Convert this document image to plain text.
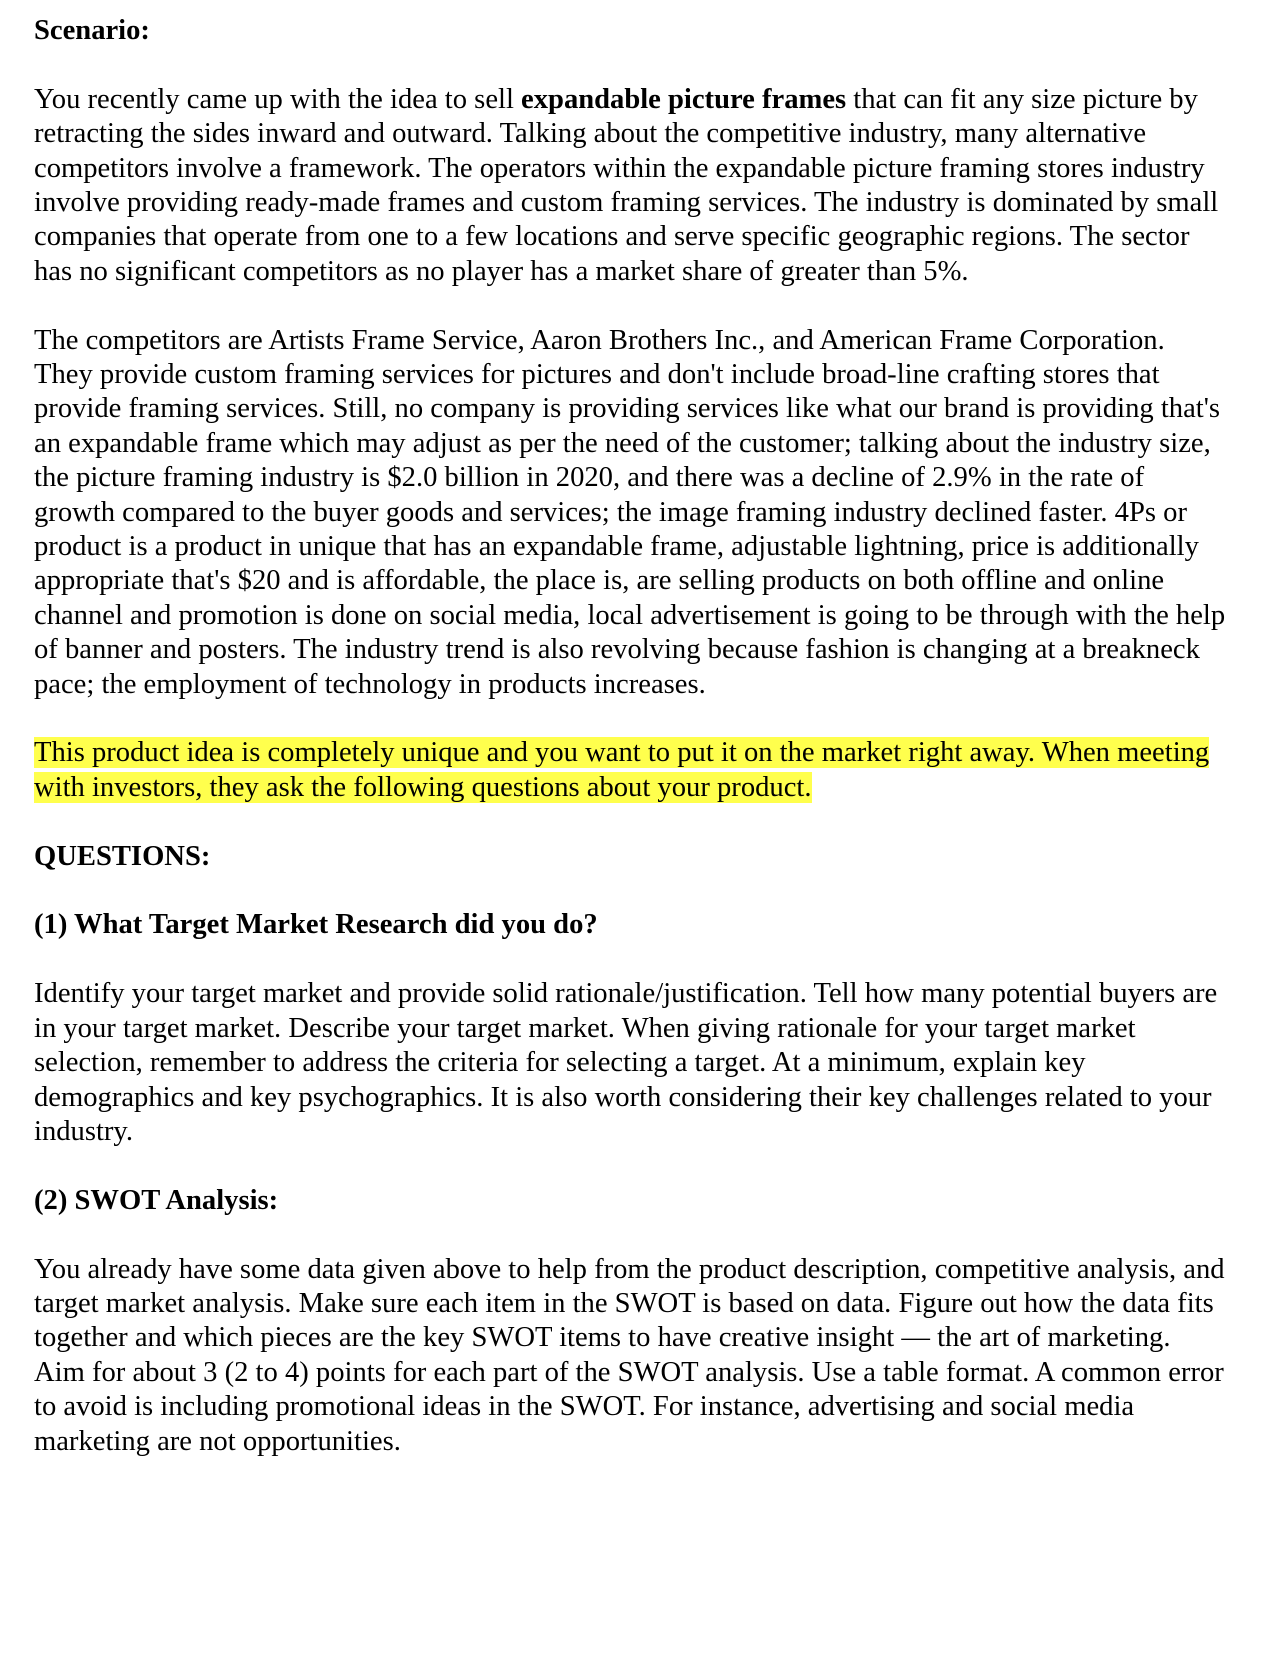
Scenario:

You recently came up with the idea to sell expandable picture frames that can fit any size picture by retracting the sides inward and outward. Talking about the competitive industry, many alternative competitors involve a framework. The operators within the expandable picture framing stores industry involve providing ready-made frames and custom framing services. The industry is dominated by small companies that operate from one to a few locations and serve specific geographic regions. The sector has no significant competitors as no player has a market share of greater than 5%.

The competitors are Artists Frame Service, Aaron Brothers Inc., and American Frame Corporation. They provide custom framing services for pictures and don't include broad-line crafting stores that provide framing services. Still, no company is providing services like what our brand is providing that's an expandable frame which may adjust as per the need of the customer; talking about the industry size, the picture framing industry is $2.0 billion in 2020, and there was a decline of 2.9% in the rate of growth compared to the buyer goods and services; the image framing industry declined faster. 4Ps or product is a product in unique that has an expandable frame, adjustable lightning, price is additionally appropriate that's $20 and is affordable, the place is, are selling products on both offline and online channel and promotion is done on social media, local advertisement is going to be through with the help of banner and posters. The industry trend is also revolving because fashion is changing at a breakneck pace; the employment of technology in products increases.

This product idea is completely unique and you want to put it on the market right away. When meeting with investors, they ask the following questions about your product.

QUESTIONS:

(1) What Target Market Research did you do?

Identify your target market and provide solid rationale/justification. Tell how many potential buyers are in your target market. Describe your target market. When giving rationale for your target market selection, remember to address the criteria for selecting a target. At a minimum, explain key demographics and key psychographics. It is also worth considering their key challenges related to your industry.

(2) SWOT Analysis:

You already have some data given above to help from the product description, competitive analysis, and target market analysis. Make sure each item in the SWOT is based on data. Figure out how the data fits together and which pieces are the key SWOT items to have creative insight — the art of marketing. Aim for about 3 (2 to 4) points for each part of the SWOT analysis. Use a table format. A common error to avoid is including promotional ideas in the SWOT. For instance, advertising and social media marketing are not opportunities.
